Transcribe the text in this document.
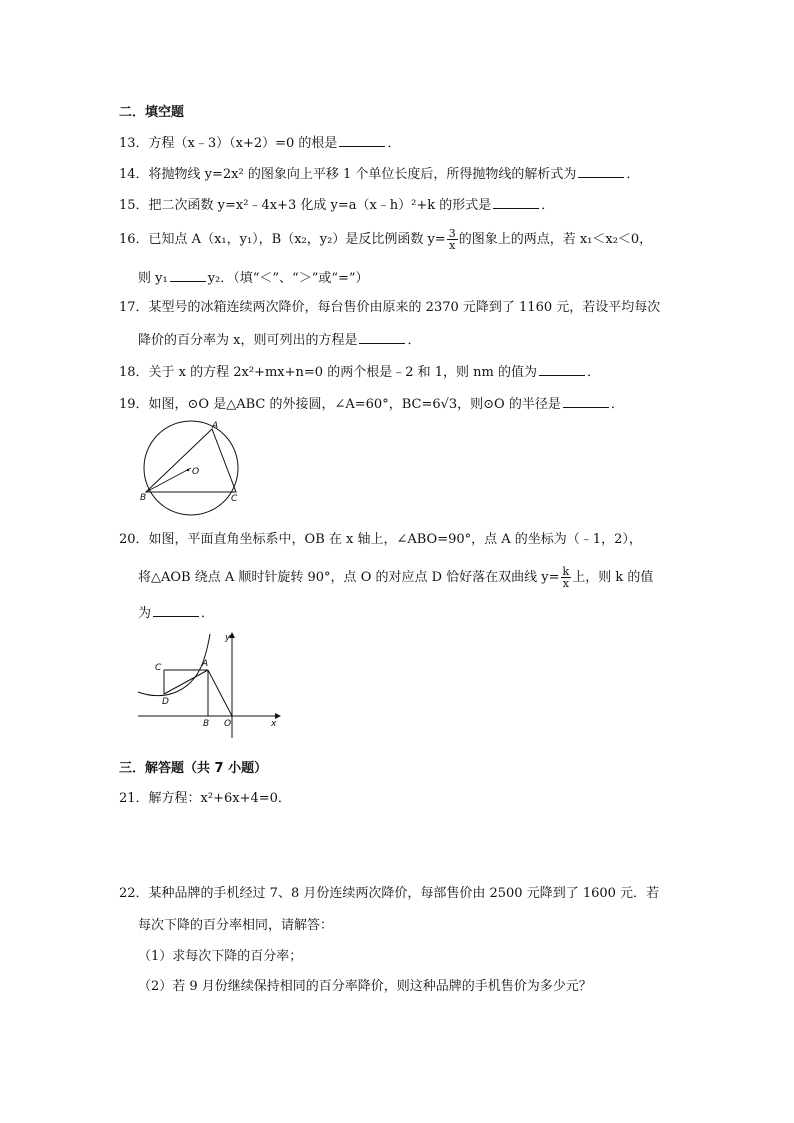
二．填空题
13．方程（x﹣3）（x+2）=0 的根是	．
14．将抛物线 y=2x² 的图象向上平移 1 个单位长度后，所得抛物线的解析式为	．
15．把二次函数 y=x²﹣4x+3 化成 y=a（x﹣h）²+k 的形式是	．
16．已知点 A（x₁，y₁），B（x₂，y₂）是反比例函数 $y= \frac{3}{x}$ 的图象上的两点，若 x₁＜x₂＜0，
则 y₁	y₂．（填“＜”、“＞”或“=”）
17．某型号的冰箱连续两次降价，每台售价由原来的 2370 元降到了 1160 元，若设平均每次
降价的百分率为 x，则可列出的方程是	．
18．关于 x 的方程 2x²+mx+n=0 的两个根是﹣2 和 1，则 nm 的值为	．
19．如图，⊙O 是△ABC 的外接圆，∠A=60°，BC=6√3，则⊙O 的半径是	．
A
B	C
O
20．如图，平面直角坐标系中，OB 在 x 轴上，∠ABO=90°，点 A 的坐标为（﹣1，2），
将△AOB 绕点 A 顺时针旋转 90°，点 O 的对应点 D 恰好落在双曲线 $y= \frac{k}{x}$ 上，则 k 的值
为	．
C	A
D
B O	x
y
三．解答题（共 7 小题）
21．解方程：x²+6x+4=0．
22．某种品牌的手机经过 7、8 月份连续两次降价，每部售价由 2500 元降到了 1600 元．若
每次下降的百分率相同，请解答：
（1）求每次下降的百分率；
（2）若 9 月份继续保持相同的百分率降价，则这种品牌的手机售价为多少元？
